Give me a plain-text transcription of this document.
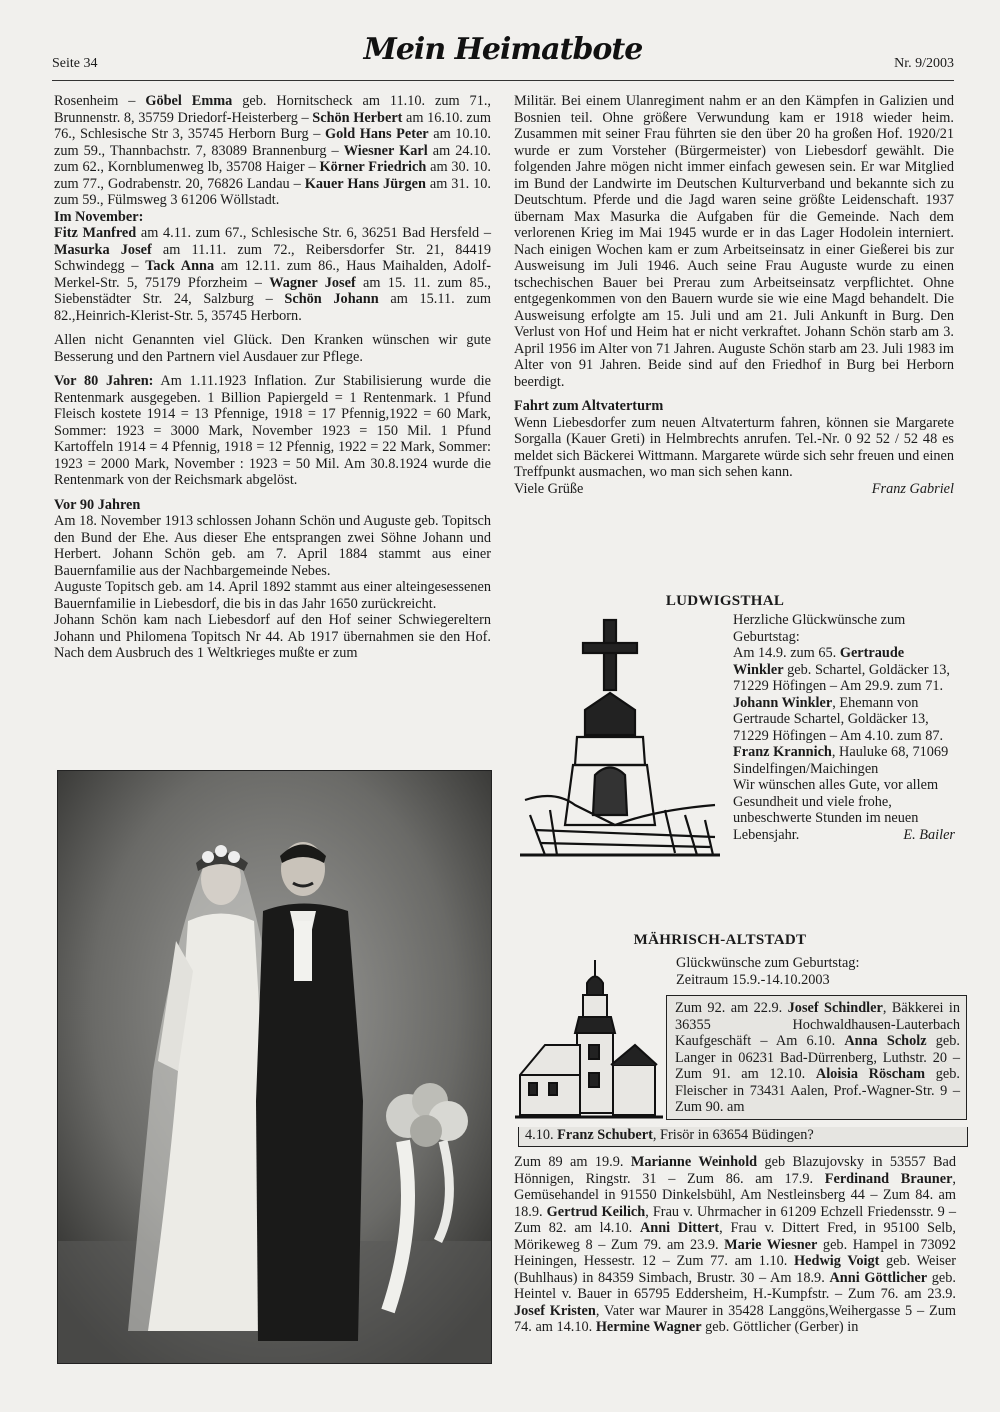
Seite 34	Mein Heimatbote	Nr. 9/2003

Rosenheim – Göbel Emma geb. Hornitscheck am 11.10. zum 71., Brunnenstr. 8, 35759 Driedorf-Heisterberg – Schön Herbert am 16.10. zum 76., Schlesische Str 3, 35745 Herborn Burg – Gold Hans Peter am 10.10. zum 59., Thannbachstr. 7, 83089 Brannenburg – Wiesner Karl am 24.10. zum 62., Kornblumenweg lb, 35708 Haiger – Körner Friedrich am 30. 10. zum 77., Godrabenstr. 20, 76826 Landau – Kauer Hans Jürgen am 31. 10. zum 59., Fülmsweg 3 61206 Wöllstadt.

Im November:

Fitz Manfred am 4.11. zum 67., Schlesische Str. 6, 36251 Bad Hersfeld – Masurka Josef am 11.11. zum 72., Reibersdorfer Str. 21, 84419 Schwindegg – Tack Anna am 12.11. zum 86., Haus Maihalden, Adolf-Merkel-Str. 5, 75179 Pforzheim – Wagner Josef am 15. 11. zum 85., Siebenstädter Str. 24, Salzburg – Schön Johann am 15.11. zum 82.,Heinrich-Klerist-Str. 5, 35745 Herborn.

Allen nicht Genannten viel Glück. Den Kranken wünschen wir gute Besserung und den Partnern viel Ausdauer zur Pflege.

Vor 80 Jahren: Am 1.11.1923 Inflation. Zur Stabilisierung wurde die Rentenmark ausgegeben. 1 Billion Papiergeld = 1 Rentenmark. 1 Pfund Fleisch kostete 1914 = 13 Pfennige, 1918 = 17 Pfennig,1922 = 60 Mark, Sommer: 1923 = 3000 Mark, November 1923 = 150 Mil. 1 Pfund Kartoffeln 1914 = 4 Pfennig, 1918 = 12 Pfennig, 1922 = 22 Mark, Sommer: 1923 = 2000 Mark, November : 1923 = 50 Mil. Am 30.8.1924 wurde die Rentenmark von der Reichsmark abgelöst.

Vor 90 Jahren

Am 18. November 1913 schlossen Johann Schön und Auguste geb. Topitsch den Bund der Ehe. Aus dieser Ehe entsprangen zwei Söhne Johann und Herbert. Johann Schön geb. am 7. April 1884 stammt aus einer Bauernfamilie aus der Nachbargemeinde Nebes.

Auguste Topitsch geb. am 14. April 1892 stammt aus einer alteingesessenen Bauernfamilie in Liebesdorf, die bis in das Jahr 1650 zurückreicht.

Johann Schön kam nach Liebesdorf auf den Hof seiner Schwiegereltern Johann und Philomena Topitsch Nr 44. Ab 1917 übernahmen sie den Hof. Nach dem Ausbruch des 1 Weltkrieges mußte er zum

Militär. Bei einem Ulanregiment nahm er an den Kämpfen in Galizien und Bosnien teil. Ohne größere Verwundung kam er 1918 wieder heim. Zusammen mit seiner Frau führten sie den über 20 ha großen Hof. 1920/21 wurde er zum Vorsteher (Bürgermeister) von Liebesdorf gewählt. Die folgenden Jahre mögen nicht immer einfach gewesen sein. Er war Mitglied im Bund der Landwirte im Deutschen Kulturverband und bekannte sich zu Deutschtum. Pferde und die Jagd waren seine größte Leidenschaft. 1937 übernam Max Masurka die Aufgaben für die Gemeinde. Nach dem verlorenen Krieg im Mai 1945 wurde er in das Lager Hodolein interniert. Nach einigen Wochen kam er zum Arbeitseinsatz in einer Gießerei bis zur Ausweisung im Juli 1946. Auch seine Frau Auguste wurde zu einen tschechischen Bauer bei Prerau zum Arbeitseinsatz verpflichtet. Ohne entgegenkommen von den Bauern wurde sie wie eine Magd behandelt. Die Ausweisung erfolgte am 15. Juli und am 21. Juli Ankunft in Burg. Den Verlust von Hof und Heim hat er nicht verkraftet. Johann Schön starb am 3. April 1956 im Alter von 71 Jahren. Auguste Schön starb am 23. Juli 1983 im Alter von 91 Jahren. Beide sind auf den Friedhof in Burg bei Herborn beerdigt.

Fahrt zum Altvaterturm

Wenn Liebesdorfer zum neuen Altvaterturm fahren, können sie Margarete Sorgalla (Kauer Greti) in Helmbrechts anrufen. Tel.-Nr. 0 92 52 / 52 48 es meldet sich Bäckerei Wittmann. Margarete würde sich sehr freuen und einen Treffpunkt ausmachen, wo man sich sehen kann.

Viele Grüße	Franz Gabriel
LUDWIGSTHAL

Herzliche Glückwünsche zum Geburtstag:
Am 14.9. zum 65. Gertraude Winkler geb. Schartel, Goldäcker 13, 71229 Höfingen – Am 29.9. zum 71. Johann Winkler, Ehemann von Gertraude Schartel, Goldäcker 13, 71229 Höfingen – Am 4.10. zum 87. Franz Krannich, Hauluke 68, 71069 Sindelfingen/Maichingen
Wir wünschen alles Gute, vor allem Gesundheit und viele frohe, unbeschwerte Stunden im neuen Lebensjahr.	E. Bailer
MÄHRISCH-ALTSTADT
Glückwünsche zum Geburtstag:
Zeitraum 15.9.-14.10.2003
Zum 92. am 22.9. Josef Schindler, Bäkkerei in 36355 Hochwaldhausen-Lauterbach Kaufgeschäft – Am 6.10. Anna Scholz geb. Langer in 06231 Bad-Dürrenberg, Luthstr. 20 – Zum 91. am 12.10. Aloisia Röscham geb. Fleischer in 73431 Aalen, Prof.-Wagner-Str. 9 – Zum 90. am
4.10. Franz Schubert, Frisör in 63654 Büdingen?

Zum 89 am 19.9. Marianne Weinhold geb Blazujovsky in 53557 Bad Hönnigen, Ringstr. 31 – Zum 86. am 17.9. Ferdinand Brauner, Gemüsehandel in 91550 Dinkelsbühl, Am Nestleinsberg 44 – Zum 84. am 18.9. Gertrud Keilich, Frau v. Uhrmacher in 61209 Echzell Friedensstr. 9 – Zum 82. am l4.10. Anni Dittert, Frau v. Dittert Fred, in 95100 Selb, Mörikeweg 8 – Zum 79. am 23.9. Marie Wiesner geb. Hampel in 73092 Heiningen, Hessestr. 12 – Zum 77. am 1.10. Hedwig Voigt geb. Weiser (Buhlhaus) in 84359 Simbach, Brustr. 30 – Am 18.9. Anni Göttlicher geb. Heintel v. Bauer in 65795 Eddersheim, H.-Kumpfstr. – Zum 76. am 23.9. Josef Kristen, Vater war Maurer in 35428 Langgöns,Weihergasse 5 – Zum 74. am 14.10. Hermine Wagner geb. Göttlicher (Gerber) in
